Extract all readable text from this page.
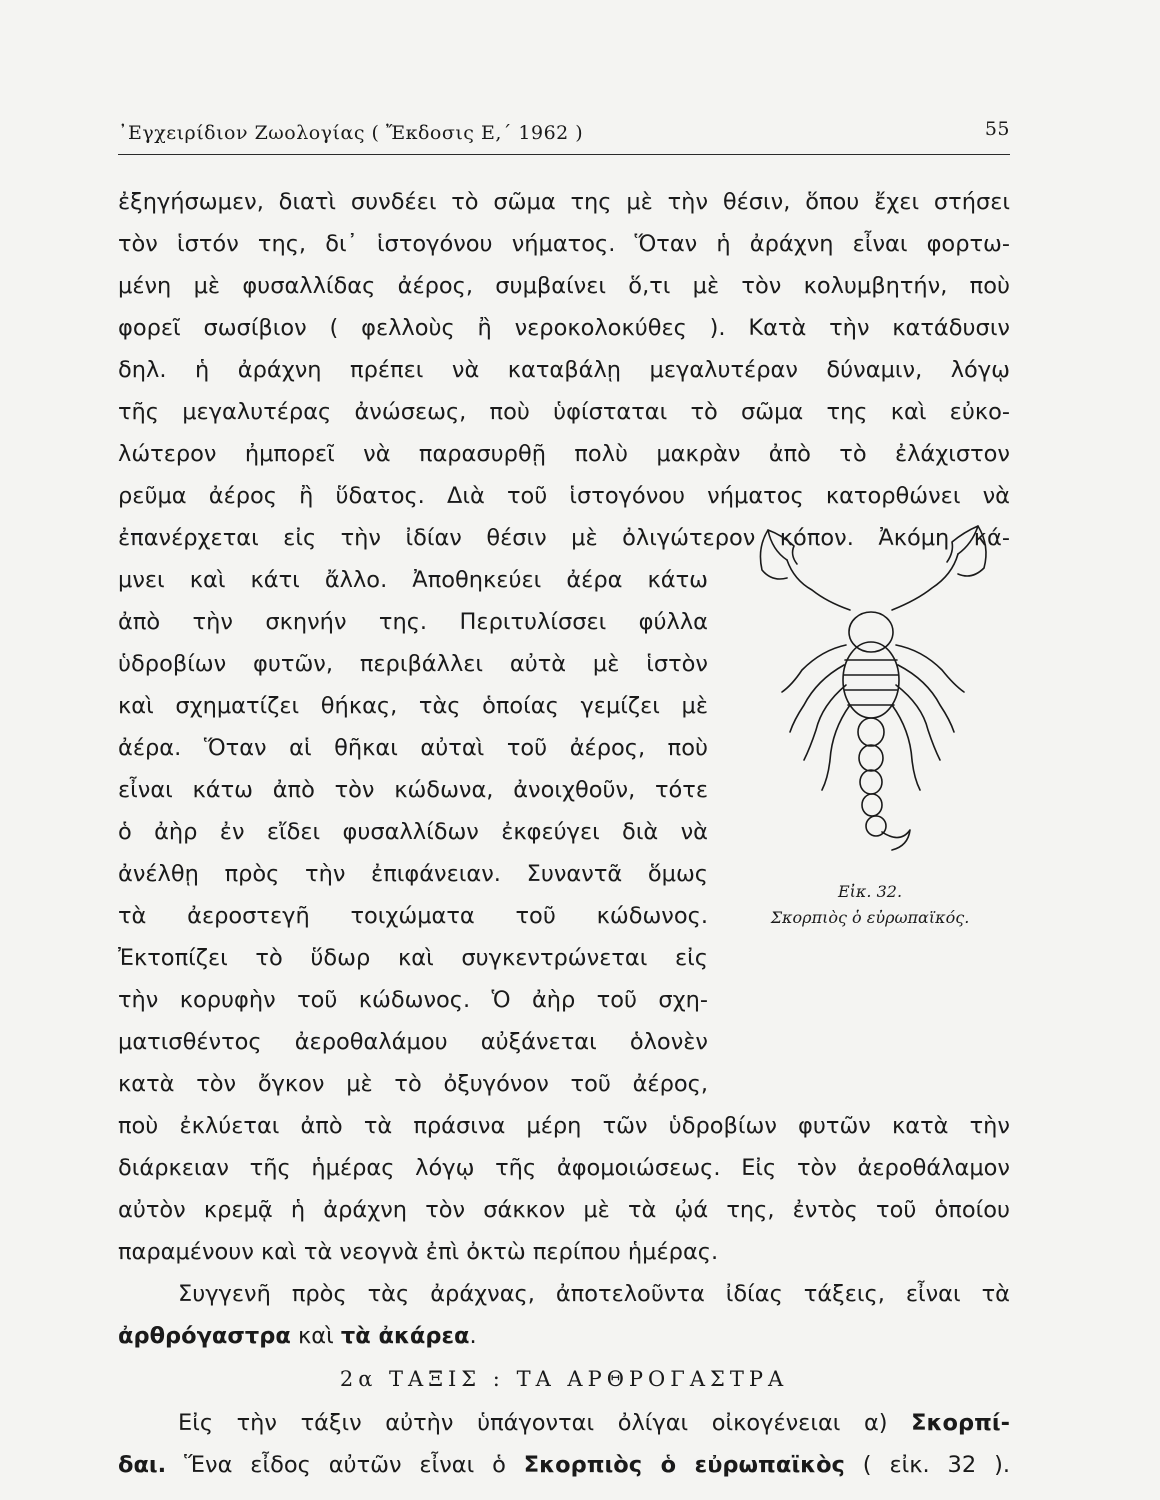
᾿Εγχειρίδιον Ζωολογίας ( Ἔκδοσις Ε,΄ 1962 )	55
ἐξηγήσωμεν, διατὶ συνδέει τὸ σῶμα της μὲ τὴν θέσιν, ὅπου ἔχει στήσει
τὸν ἱστόν της, δι᾽ ἱστογόνου νήματος. Ὅταν ἡ ἀράχνη εἶναι φορτω-
μένη μὲ φυσαλλίδας ἀέρος, συμβαίνει ὅ,τι μὲ τὸν κολυμβητήν, ποὺ
φορεῖ σωσίβιον ( φελλοὺς ἢ νεροκολοκύθες ). Κατὰ τὴν κατάδυσιν
δηλ. ἡ ἀράχνη πρέπει νὰ καταβάλῃ μεγαλυτέραν δύναμιν, λόγῳ
τῆς μεγαλυτέρας ἀνώσεως, ποὺ ὑφίσταται τὸ σῶμα της καὶ εὐκο-
λώτερον ἠμπορεῖ νὰ παρασυρθῇ πολὺ μακρὰν ἀπὸ τὸ ἐλάχιστον
ρεῦμα ἀέρος ἢ ὕδατος. Διὰ τοῦ ἱστογόνου νήματος κατορθώνει νὰ
ἐπανέρχεται εἰς τὴν ἰδίαν θέσιν μὲ ὀλιγώτερον κόπον. Ἀκόμη κά-
μνει καὶ κάτι ἄλλο. Ἀποθηκεύει ἀέρα κάτω
ἀπὸ τὴν σκηνήν της. Περιτυλίσσει φύλλα
ὑδροβίων φυτῶν, περιβάλλει αὐτὰ μὲ ἱστὸν
καὶ σχηματίζει θήκας, τὰς ὁποίας γεμίζει μὲ
ἀέρα. Ὅταν αἱ θῆκαι αὐταὶ τοῦ ἀέρος, ποὺ
εἶναι κάτω ἀπὸ τὸν κώδωνα, ἀνοιχθοῦν, τότε
ὁ ἀὴρ ἐν εἴδει φυσαλλίδων ἐκφεύγει διὰ νὰ
ἀνέλθῃ πρὸς τὴν ἐπιφάνειαν. Συναντᾶ ὅμως
τὰ ἀεροστεγῆ τοιχώματα τοῦ κώδωνος.
Ἐκτοπίζει τὸ ὕδωρ καὶ συγκεντρώνεται εἰς
τὴν κορυφὴν τοῦ κώδωνος. Ὁ ἀὴρ τοῦ σχη-
ματισθέντος ἀεροθαλάμου αὐξάνεται ὁλονὲν
κατὰ τὸν ὄγκον μὲ τὸ ὀξυγόνον τοῦ ἀέρος,
ποὺ ἐκλύεται ἀπὸ τὰ πράσινα μέρη τῶν ὑδροβίων φυτῶν κατὰ τὴν
διάρκειαν τῆς ἡμέρας λόγῳ τῆς ἀφομοιώσεως. Εἰς τὸν ἀεροθάλαμον
αὐτὸν κρεμᾷ ἡ ἀράχνη τὸν σάκκον μὲ τὰ ᾠά της, ἐντὸς τοῦ ὁποίου
παραμένουν καὶ τὰ νεογνὰ ἐπὶ ὀκτὼ περίπου ἡμέρας.
Συγγενῆ πρὸς τὰς ἀράχνας, ἀποτελοῦντα ἰδίας τάξεις, εἶναι τὰ
ἀρθρόγαστρα καὶ τὰ ἀκάρεα.
2α ΤΑΞΙΣ : ΤΑ ΑΡΘΡΟΓΑΣΤΡΑ
Εἰς τὴν τάξιν αὐτὴν ὑπάγονται ὀλίγαι οἰκογένειαι α) Σκορπί-
δαι. Ἕνα εἶδος αὐτῶν εἶναι ὁ Σκορπιὸς ὁ εὐρωπαϊκὸς ( εἰκ. 32 ).
Εἰκ. 32.
Σκορπιὸς ὁ εὐρωπαϊκός.
